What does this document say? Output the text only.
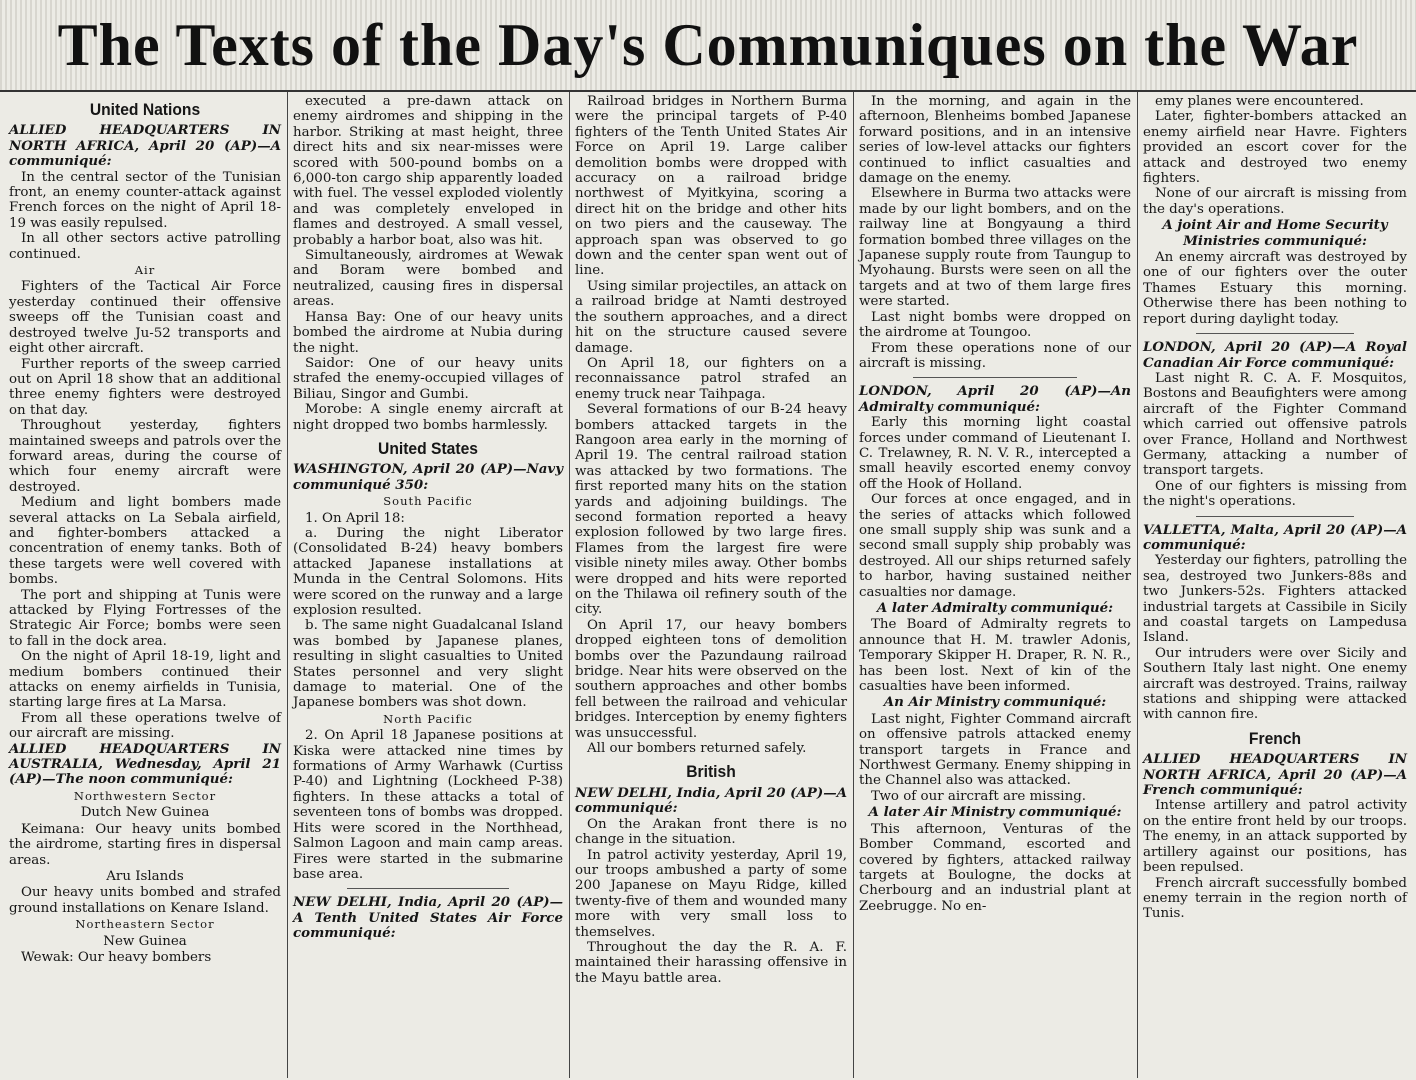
The Texts of the Day's Communiques on the War

United Nations

ALLIED HEADQUARTERS IN NORTH AFRICA, April 20 (AP)—A communiqué:

In the central sector of the Tunisian front, an enemy counter-attack against French forces on the night of April 18-19 was easily repulsed.

In all other sectors active patrolling continued.

Air

Fighters of the Tactical Air Force yesterday continued their offensive sweeps off the Tunisian coast and destroyed twelve Ju-52 transports and eight other aircraft.

Further reports of the sweep carried out on April 18 show that an additional three enemy fighters were destroyed on that day.

Throughout yesterday, fighters maintained sweeps and patrols over the forward areas, during the course of which four enemy aircraft were destroyed.

Medium and light bombers made several attacks on La Sebala airfield, and fighter-bombers attacked a concentration of enemy tanks. Both of these targets were well covered with bombs.

The port and shipping at Tunis were attacked by Flying Fortresses of the Strategic Air Force; bombs were seen to fall in the dock area.

On the night of April 18-19, light and medium bombers continued their attacks on enemy airfields in Tunisia, starting large fires at La Marsa.

From all these operations twelve of our aircraft are missing.

ALLIED HEADQUARTERS IN AUSTRALIA, Wednesday, April 21 (AP)—The noon communiqué:

Northwestern Sector

Dutch New Guinea

Keimana: Our heavy units bombed the airdrome, starting fires in dispersal areas.

Aru Islands

Our heavy units bombed and strafed ground installations on Kenare Island.

Northeastern Sector

New Guinea

Wewak: Our heavy bombers

executed a pre-dawn attack on enemy airdromes and shipping in the harbor. Striking at mast height, three direct hits and six near-misses were scored with 500-pound bombs on a 6,000-ton cargo ship apparently loaded with fuel. The vessel exploded violently and was completely enveloped in flames and destroyed. A small vessel, probably a harbor boat, also was hit.

Simultaneously, airdromes at Wewak and Boram were bombed and neutralized, causing fires in dispersal areas.

Hansa Bay: One of our heavy units bombed the airdrome at Nubia during the night.

Saidor: One of our heavy units strafed the enemy-occupied villages of Biliau, Singor and Gumbi.

Morobe: A single enemy aircraft at night dropped two bombs harmlessly.

United States

WASHINGTON, April 20 (AP)—Navy communiqué 350:

South Pacific

1. On April 18:

a. During the night Liberator (Consolidated B-24) heavy bombers attacked Japanese installations at Munda in the Central Solomons. Hits were scored on the runway and a large explosion resulted.

b. The same night Guadalcanal Island was bombed by Japanese planes, resulting in slight casualties to United States personnel and very slight damage to material. One of the Japanese bombers was shot down.

North Pacific

2. On April 18 Japanese positions at Kiska were attacked nine times by formations of Army Warhawk (Curtiss P-40) and Lightning (Lockheed P-38) fighters. In these attacks a total of seventeen tons of bombs was dropped. Hits were scored in the Northhead, Salmon Lagoon and main camp areas. Fires were started in the submarine base area.

NEW DELHI, India, April 20 (AP)—A Tenth United States Air Force communiqué:

Railroad bridges in Northern Burma were the principal targets of P-40 fighters of the Tenth United States Air Force on April 19. Large caliber demolition bombs were dropped with accuracy on a railroad bridge northwest of Myitkyina, scoring a direct hit on the bridge and other hits on two piers and the causeway. The approach span was observed to go down and the center span went out of line.

Using similar projectiles, an attack on a railroad bridge at Namti destroyed the southern approaches, and a direct hit on the structure caused severe damage.

On April 18, our fighters on a reconnaissance patrol strafed an enemy truck near Taihpaga.

Several formations of our B-24 heavy bombers attacked targets in the Rangoon area early in the morning of April 19. The central railroad station was attacked by two formations. The first reported many hits on the station yards and adjoining buildings. The second formation reported a heavy explosion followed by two large fires. Flames from the largest fire were visible ninety miles away. Other bombs were dropped and hits were reported on the Thilawa oil refinery south of the city.

On April 17, our heavy bombers dropped eighteen tons of demolition bombs over the Pazundaung railroad bridge. Near hits were observed on the southern approaches and other bombs fell between the railroad and vehicular bridges. Interception by enemy fighters was unsuccessful.

All our bombers returned safely.

British

NEW DELHI, India, April 20 (AP)—A communiqué:

On the Arakan front there is no change in the situation.

In patrol activity yesterday, April 19, our troops ambushed a party of some 200 Japanese on Mayu Ridge, killed twenty-five of them and wounded many more with very small loss to themselves.

Throughout the day the R. A. F. maintained their harassing offensive in the Mayu battle area.

In the morning, and again in the afternoon, Blenheims bombed Japanese forward positions, and in an intensive series of low-level attacks our fighters continued to inflict casualties and damage on the enemy.

Elsewhere in Burma two attacks were made by our light bombers, and on the railway line at Bongyaung a third formation bombed three villages on the Japanese supply route from Taungup to Myohaung. Bursts were seen on all the targets and at two of them large fires were started.

Last night bombs were dropped on the airdrome at Toungoo.

From these operations none of our aircraft is missing.

LONDON, April 20 (AP)—An Admiralty communiqué:

Early this morning light coastal forces under command of Lieutenant I. C. Trelawney, R. N. V. R., intercepted a small heavily escorted enemy convoy off the Hook of Holland.

Our forces at once engaged, and in the series of attacks which followed one small supply ship was sunk and a second small supply ship probably was destroyed. All our ships returned safely to harbor, having sustained neither casualties nor damage.

A later Admiralty communiqué:

The Board of Admiralty regrets to announce that H. M. trawler Adonis, Temporary Skipper H. Draper, R. N. R., has been lost. Next of kin of the casualties have been informed.

An Air Ministry communiqué:

Last night, Fighter Command aircraft on offensive patrols attacked enemy transport targets in France and Northwest Germany. Enemy shipping in the Channel also was attacked.

Two of our aircraft are missing.

A later Air Ministry communiqué:

This afternoon, Venturas of the Bomber Command, escorted and covered by fighters, attacked railway targets at Boulogne, the docks at Cherbourg and an industrial plant at Zeebrugge. No en-

emy planes were encountered.

Later, fighter-bombers attacked an enemy airfield near Havre. Fighters provided an escort cover for the attack and destroyed two enemy fighters.

None of our aircraft is missing from the day's operations.

A joint Air and Home Security Ministries communiqué:

An enemy aircraft was destroyed by one of our fighters over the outer Thames Estuary this morning. Otherwise there has been nothing to report during daylight today.

LONDON, April 20 (AP)—A Royal Canadian Air Force communiqué:

Last night R. C. A. F. Mosquitos, Bostons and Beaufighters were among aircraft of the Fighter Command which carried out offensive patrols over France, Holland and Northwest Germany, attacking a number of transport targets.

One of our fighters is missing from the night's operations.

VALLETTA, Malta, April 20 (AP)—A communiqué:

Yesterday our fighters, patrolling the sea, destroyed two Junkers-88s and two Junkers-52s. Fighters attacked industrial targets at Cassibile in Sicily and coastal targets on Lampedusa Island.

Our intruders were over Sicily and Southern Italy last night. One enemy aircraft was destroyed. Trains, railway stations and shipping were attacked with cannon fire.

French

ALLIED HEADQUARTERS IN NORTH AFRICA, April 20 (AP)—A French communiqué:

Intense artillery and patrol activity on the entire front held by our troops. The enemy, in an attack supported by artillery against our positions, has been repulsed.

French aircraft successfully bombed enemy terrain in the region north of Tunis.
